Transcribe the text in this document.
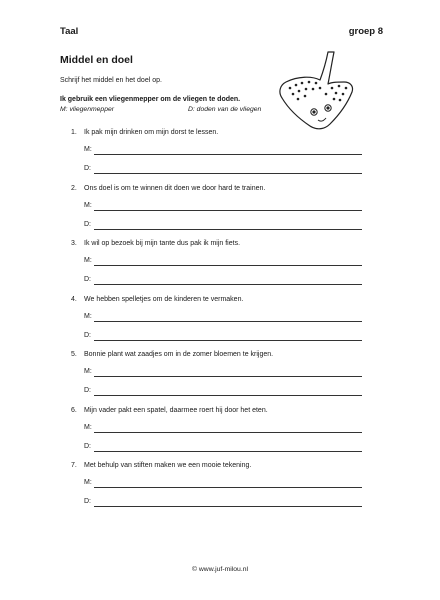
Taal	groep 8
Middel en doel
Schrijf het middel en het doel op.
Ik gebruik een vliegenmepper om de vliegen te doden.
M: vliegenmepper	D: doden van de vliegen
1. Ik pak mijn drinken om mijn dorst te lessen.
M:
D:
2. Ons doel is om te winnen dit doen we door hard te trainen.
M:
D:
3. Ik wil op bezoek bij mijn tante dus pak ik mijn fiets.
M:
D:
4. We hebben spelletjes om de kinderen te vermaken.
M:
D:
5. Bonnie plant wat zaadjes om in de zomer bloemen te krijgen.
M:
D:
6. Mijn vader pakt een spatel, daarmee roert hij door het eten.
M:
D:
7. Met behulp van stiften maken we een mooie tekening.
M:
D:
© www.juf-milou.nl
